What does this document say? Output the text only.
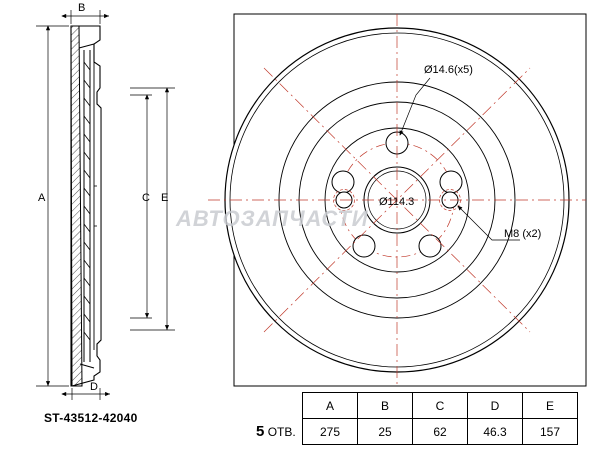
B
A	C E
D
Ø14.6(x5)
Ø114.3
M8 (x2)
АВТОЗАПЧАСТИ
ST-43512-42040
	A	B	C	D	E
5 ОТВ.	275	25	62	46.3	157
